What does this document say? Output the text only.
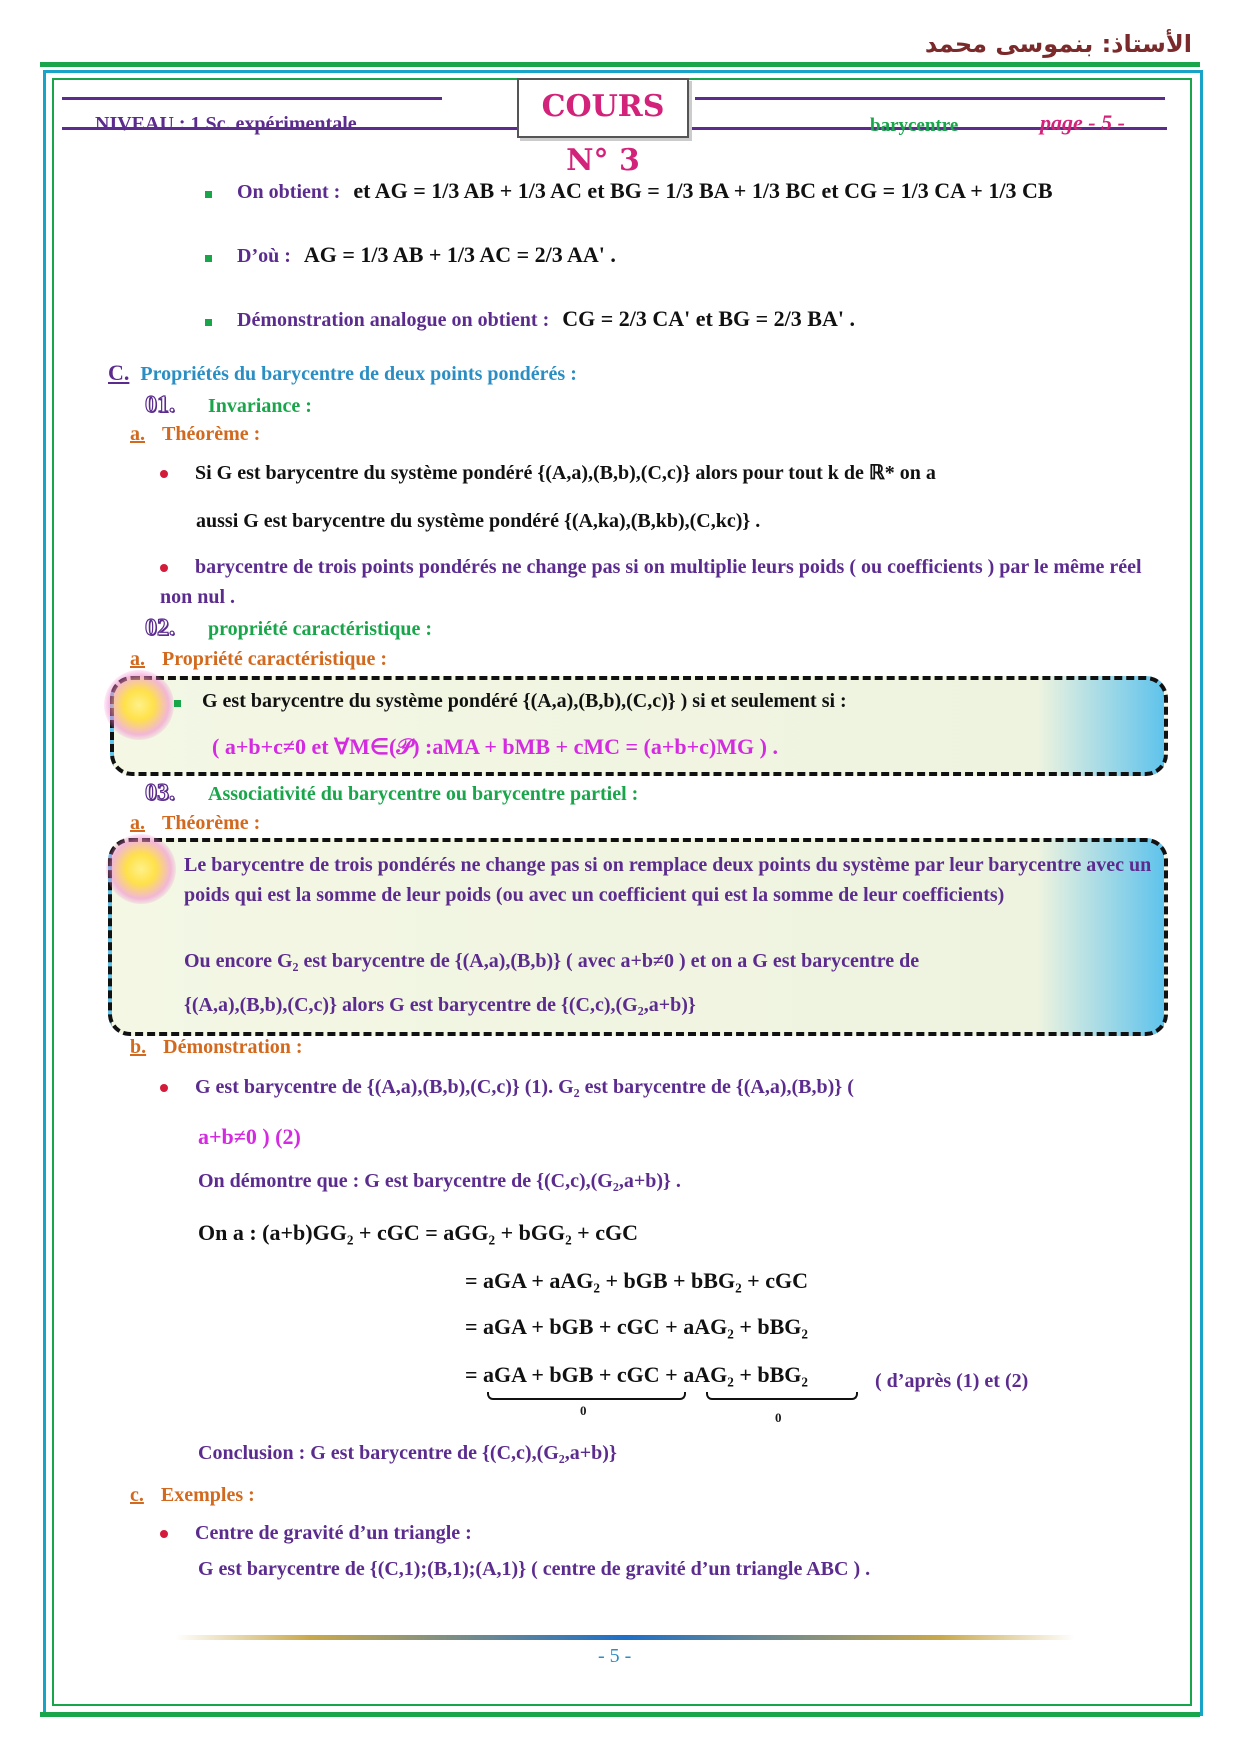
الأستاذ: بنموسى محمد
NIVEAU : 1 Sc. expérimentale	COURS N° 3
barycentre	page - 5 -
On obtient : et AG = 1/3 AB + 1/3 AC et BG = 1/3 BA + 1/3 BC et CG = 1/3 CA + 1/3 CB
D’où : AG = 1/3 AB + 1/3 AC = 2/3 AA' .
Démonstration analogue on obtient : CG = 2/3 CA' et BG = 2/3 BA' .
C. Propriétés du barycentre de deux points pondérés :
01. Invariance :
a. Théorème :
Si G est barycentre du système pondéré {(A,a),(B,b),(C,c)} alors pour tout k de ℝ* on a
aussi G est barycentre du système pondéré {(A,ka),(B,kb),(C,kc)} .
barycentre de trois points pondérés ne change pas si on multiplie leurs poids ( ou coefficients ) par le même réel non nul .
02. propriété caractéristique :
a. Propriété caractéristique :
G est barycentre du système pondéré {(A,a),(B,b),(C,c)} ) si et seulement si :
( a+b+c≠0 et ∀M∈(𝒫) :aMA + bMB + cMC = (a+b+c)MG ) .
03. Associativité du barycentre ou barycentre partiel :
a. Théorème :
Le barycentre de trois pondérés ne change pas si on remplace deux points du système par leur barycentre avec un poids qui est la somme de leur poids (ou avec un coefficient qui est la somme de leur coefficients)
Ou encore G₂ est barycentre de {(A,a),(B,b)} ( avec a+b≠0 ) et on a G est barycentre de
{(A,a),(B,b),(C,c)} alors G est barycentre de {(C,c),(G₂,a+b)}
b. Démonstration :
G est barycentre de {(A,a),(B,b),(C,c)} (1). G₂ est barycentre de {(A,a),(B,b)} (
a+b≠0 ) (2)
On démontre que : G est barycentre de {(C,c),(G₂,a+b)} .
On a : (a+b)GG₂ + cGC = aGG₂ + bGG₂ + cGC
= aGA + aAG₂ + bGB + bBG₂ + cGC
= aGA + bGB + cGC + aAG₂ + bBG₂
= aGA + bGB + cGC + aAG₂ + bBG₂
0	0
( d’après (1) et (2)
Conclusion : G est barycentre de {(C,c),(G₂,a+b)}
c. Exemples :
Centre de gravité d’un triangle :
G est barycentre de {(C,1);(B,1);(A,1)} ( centre de gravité d’un triangle ABC ) .
- 5 -
